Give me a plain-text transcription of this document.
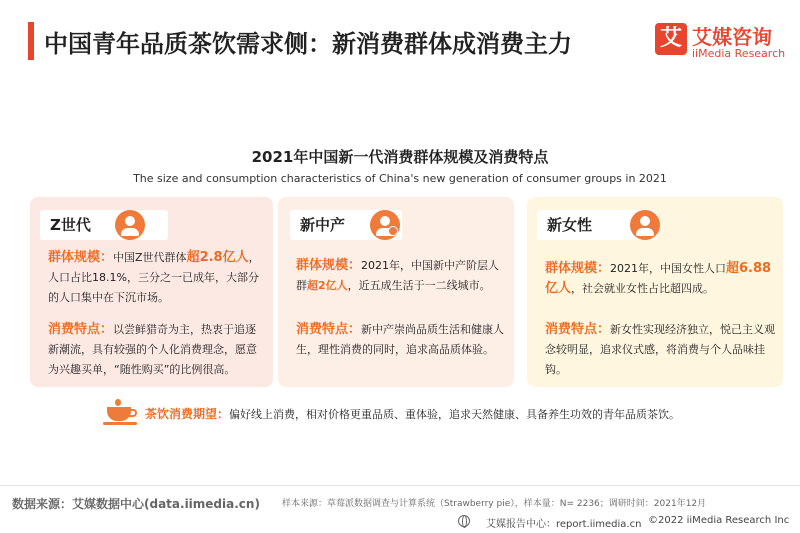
中国青年品质茶饮需求侧：新消费群体成消费主力	艾 艾媒咨询
iiMedia Research
2021年中国新一代消费群体规模及消费特点
The size and consumption characteristics of China's new generation of consumer groups in 2021
Z世代
群体规模：中国Z世代群体超2.8亿人，人口占比18.1%，三分之一已成年，大部分的人口集中在下沉市场。
消费特点：以尝鲜猎奇为主，热衷于追逐新潮流，具有较强的个人化消费理念，愿意为兴趣买单，“随性购买”的比例很高。
新中产
群体规模：2021年，中国新中产阶层人群超2亿人，近五成生活于一二线城市。
消费特点：新中产崇尚品质生活和健康人生，理性消费的同时，追求高品质体验。
新女性
群体规模：2021年，中国女性人口超6.88亿人，社会就业女性占比超四成。
消费特点：新女性实现经济独立，悦己主义观念较明显，追求仪式感，将消费与个人品味挂钩。
茶饮消费期望：偏好线上消费，相对价格更重品质、重体验，追求天然健康、具备养生功效的青年品质茶饮。
数据来源：艾媒数据中心(data.iimedia.cn) 样本来源：草莓派数据调查与计算系统（Strawberry pie），样本量：N= 2236；调研时间：2021年12月
艾媒报告中心：report.iimedia.cn ©2022 iiMedia Research Inc
